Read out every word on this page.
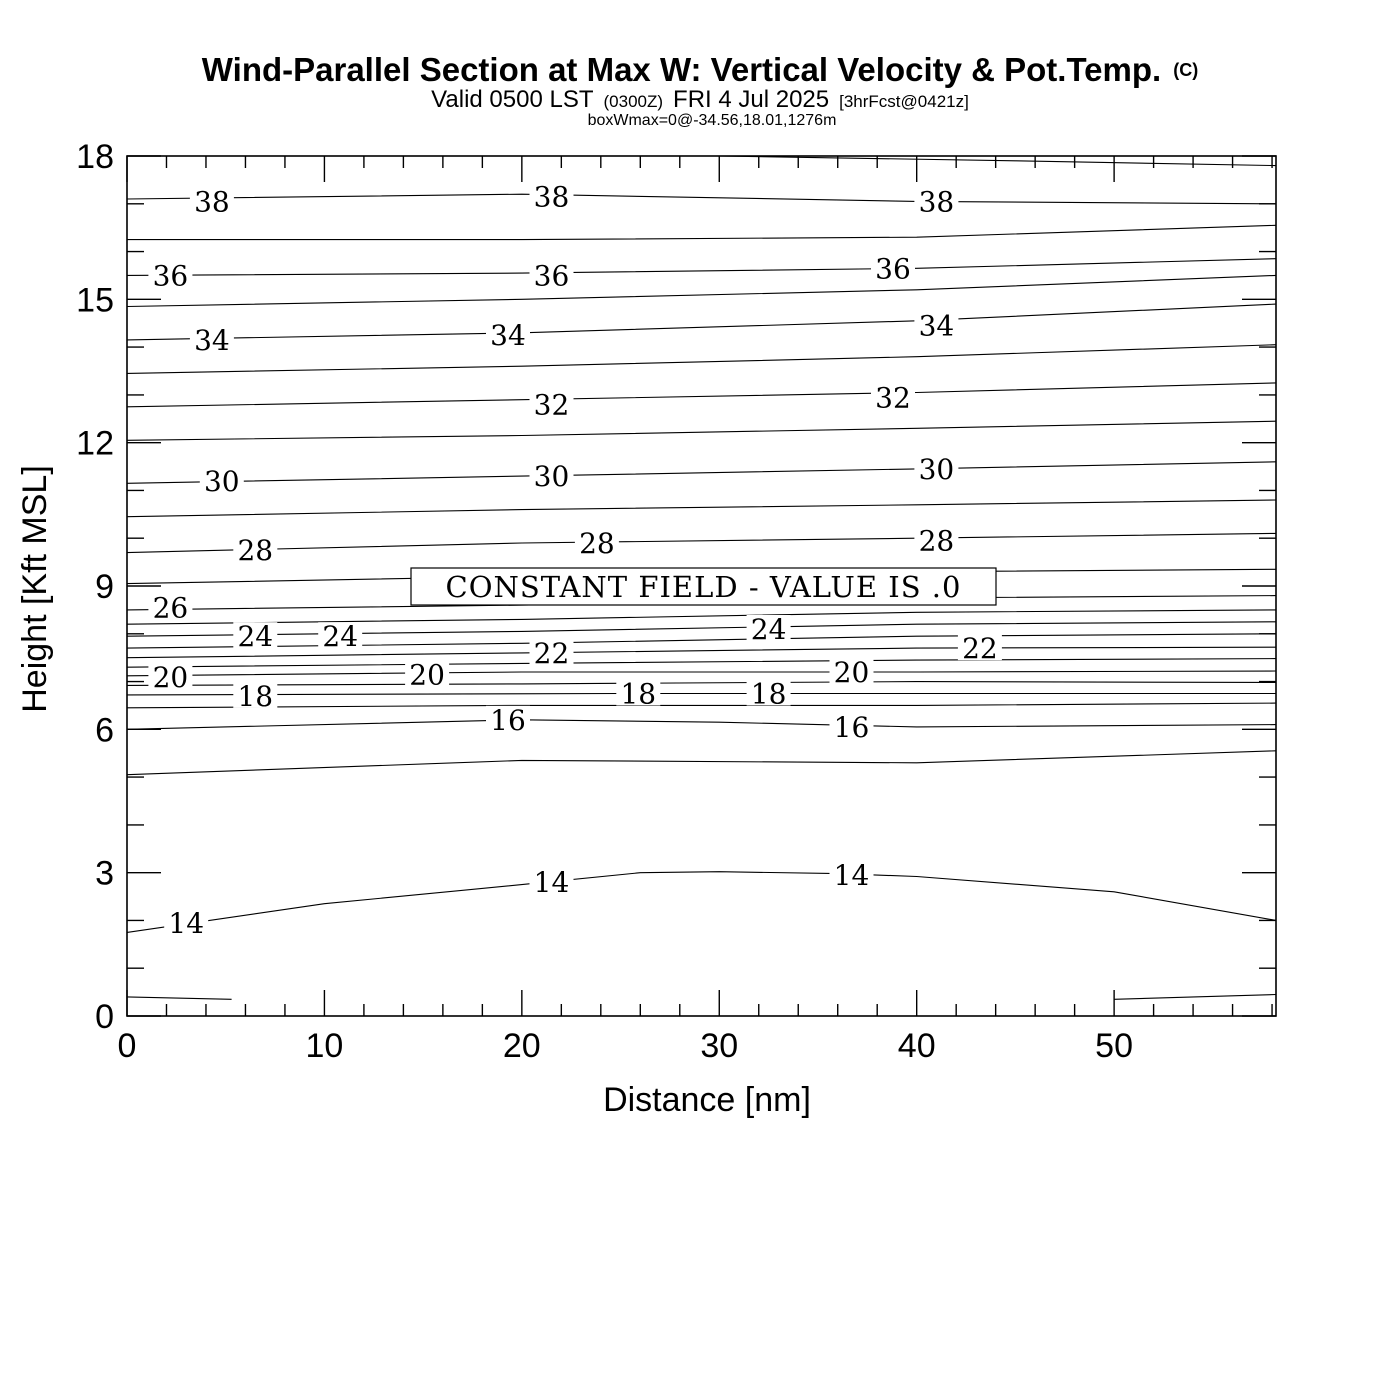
Wind-Parallel Section at Max W: Vertical Velocity & Pot.Temp. (C)
Valid 0500 LST (0300Z) FRI 4 Jul 2025 [3hrFcst@0421z]
boxWmax=0@-34.56,18.01,1276m
38	38	38
36	36	36
34	34	34
32	32
30	30	30
28	28	28
26
24 24	24
22	22
20	20	20
18	18	18
16	16
14
14	14
0	10	20	30	40	50
0
3
6
9
12
15
18
CONSTANT FIELD - VALUE IS .0
Distance [nm]
Height [Kft MSL]
